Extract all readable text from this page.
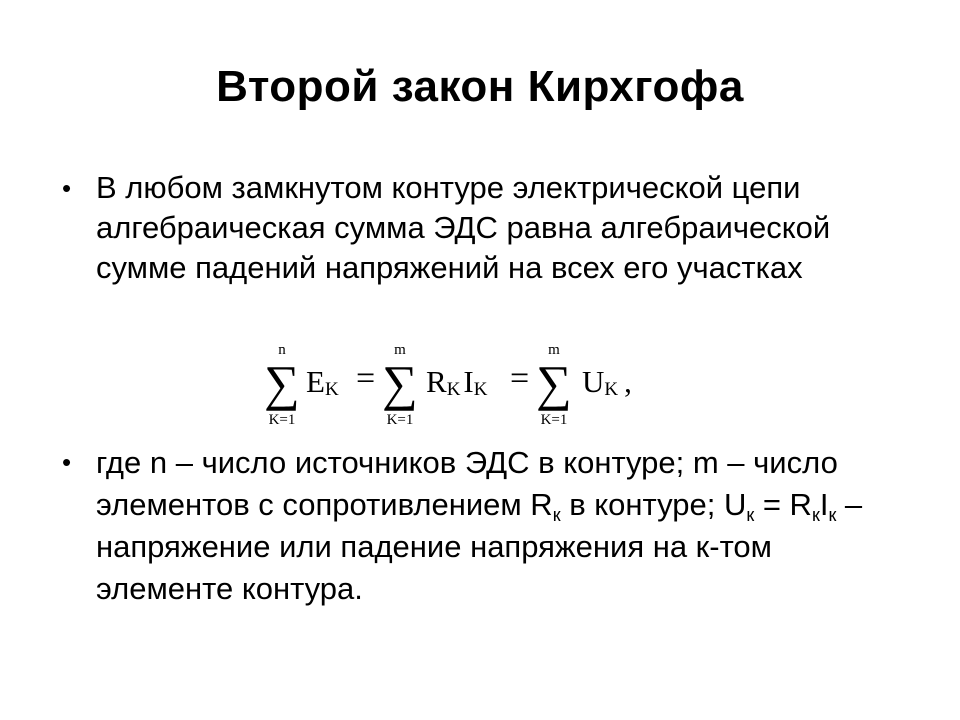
Второй закон Кирхгофа
• В любом замкнутом контуре электрической цепи алгебраическая сумма ЭДС равна алгебраической сумме падений напряжений на всех его участках
n
∑
K=1
EK =
m
∑
K=1
RKIK =
m
∑
K=1
UK ,
• где n – число источников ЭДС в контуре; m – число элементов с сопротивлением $R_к$ в контуре; $U_к = R_кI_к$ – напряжение или падение напряжения на к-том элементе контура.
